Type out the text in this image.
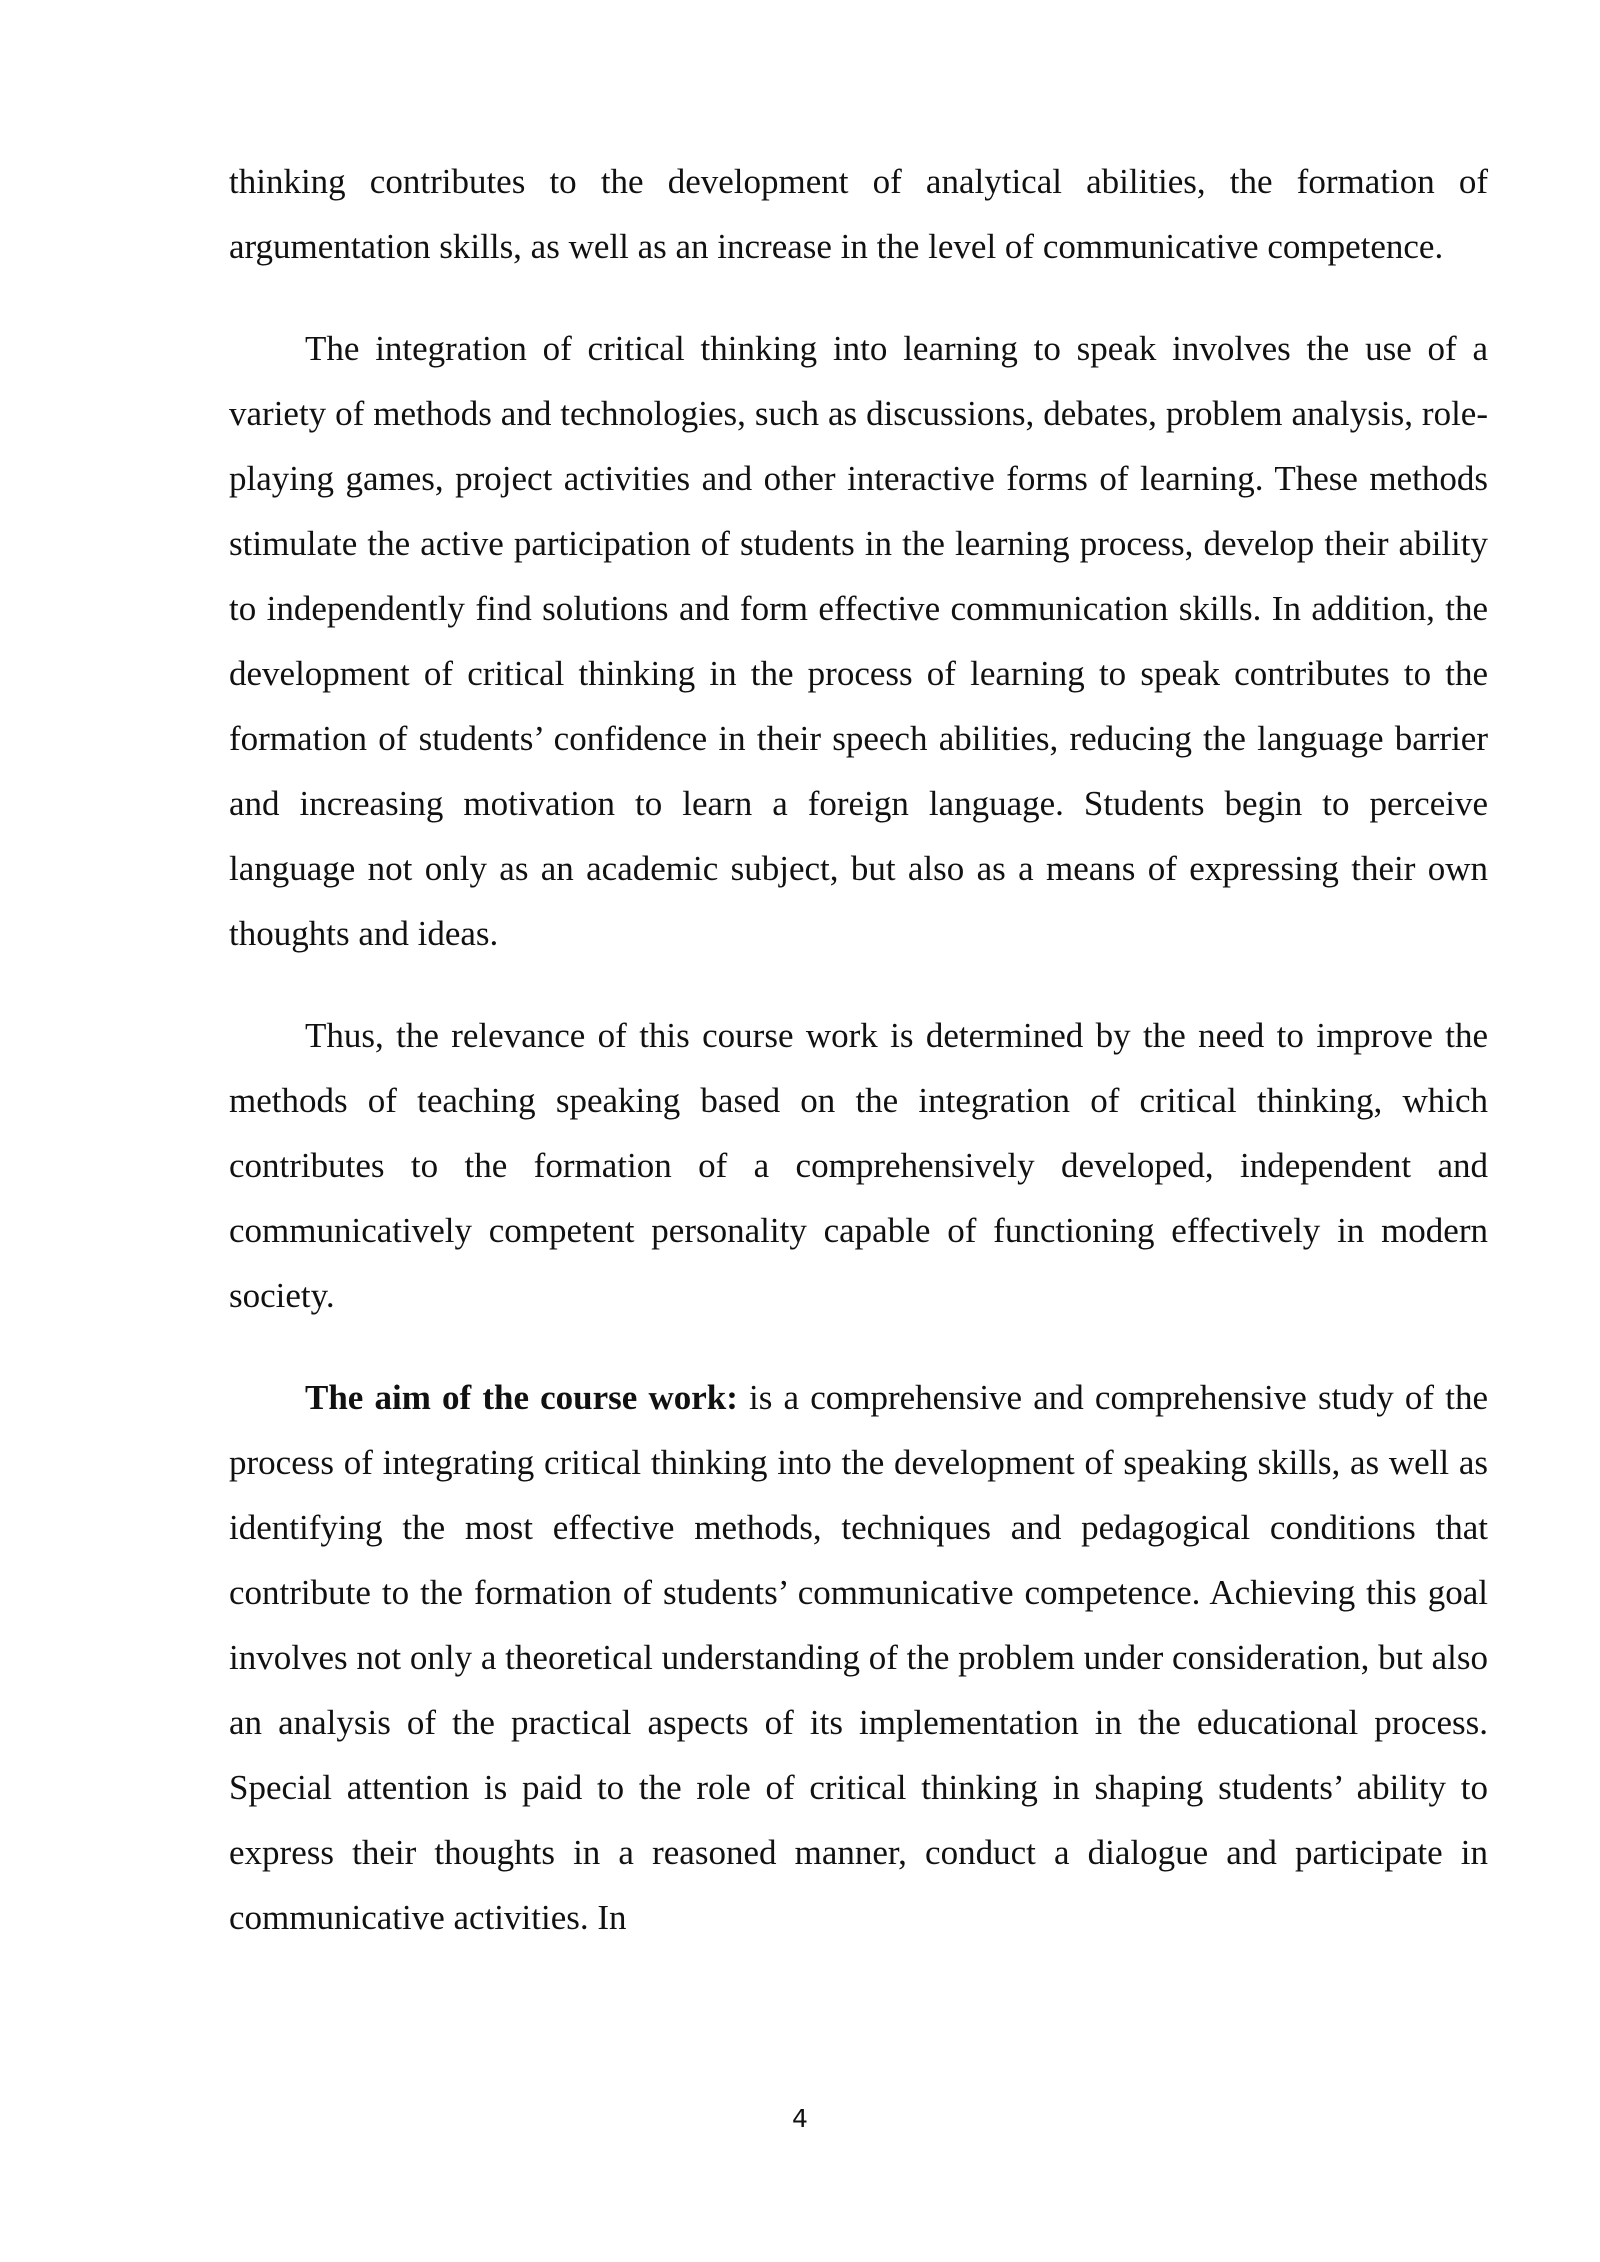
thinking contributes to the development of analytical abilities, the formation of argumentation skills, as well as an increase in the level of communicative competence.

The integration of critical thinking into learning to speak involves the use of a variety of methods and technologies, such as discussions, debates, problem analysis, role-playing games, project activities and other interactive forms of learning. These methods stimulate the active participation of students in the learning process, develop their ability to independently find solutions and form effective communication skills. In addition, the development of critical thinking in the process of learning to speak contributes to the formation of students’ confidence in their speech abilities, reducing the language barrier and increasing motivation to learn a foreign language. Students begin to perceive language not only as an academic subject, but also as a means of expressing their own thoughts and ideas.

Thus, the relevance of this course work is determined by the need to improve the methods of teaching speaking based on the integration of critical thinking, which contributes to the formation of a comprehensively developed, independent and communicatively competent personality capable of functioning effectively in modern society.

The aim of the course work: is a comprehensive and comprehensive study of the process of integrating critical thinking into the development of speaking skills, as well as identifying the most effective methods, techniques and pedagogical conditions that contribute to the formation of students’ communicative competence. Achieving this goal involves not only a theoretical understanding of the problem under consideration, but also an analysis of the practical aspects of its implementation in the educational process. Special attention is paid to the role of critical thinking in shaping students’ ability to express their thoughts in a reasoned manner, conduct a dialogue and participate in communicative activities. In

4
